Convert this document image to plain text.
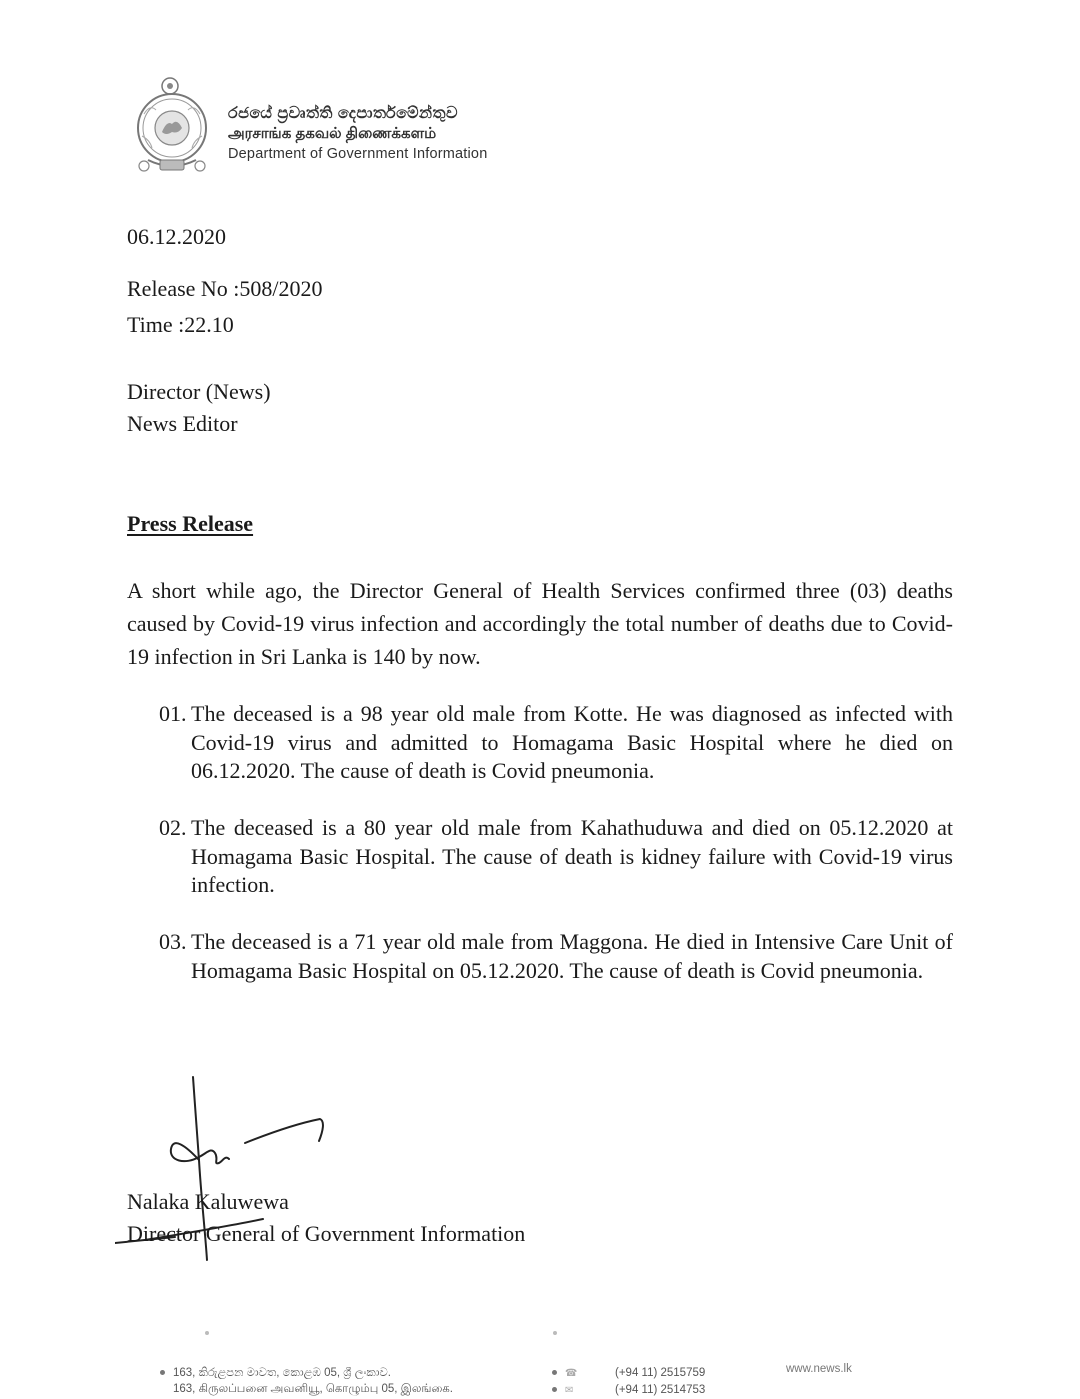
රජයේ ප්‍රවෘත්ති දෙපාර්තමේන්තුව
அரசாங்க தகவல் திணைக்களம்
Department of Government Information
06.12.2020
Release No :508/2020
Time :22.10
Director (News)
News Editor
Press Release
A short while ago, the Director General of Health Services confirmed three (03) deaths caused by Covid-19 virus infection and accordingly the total number of deaths due to Covid-19 infection in Sri Lanka is 140 by now.
01. The deceased is a 98 year old male from Kotte. He was diagnosed as infected with Covid-19 virus and admitted to Homagama Basic Hospital where he died on 06.12.2020. The cause of death is Covid pneumonia.
02. The deceased is a 80 year old male from Kahathuduwa and died on 05.12.2020 at Homagama Basic Hospital. The cause of death is kidney failure with Covid-19 virus infection.
03. The deceased is a 71 year old male from Maggona. He died in Intensive Care Unit of Homagama Basic Hospital on 05.12.2020. The cause of death is Covid pneumonia.
Nalaka Kaluwewa
Director General of Government Information
163, කිරුළපන මාවත, කොළඹ 05, ශ්‍රී ලංකාව.
163, கிருலப்பனை அவனியூ, கொழும்பு 05, இலங்கை.
☎	(+94 11) 2515759
✉	(+94 11) 2514753
www.news.lk
